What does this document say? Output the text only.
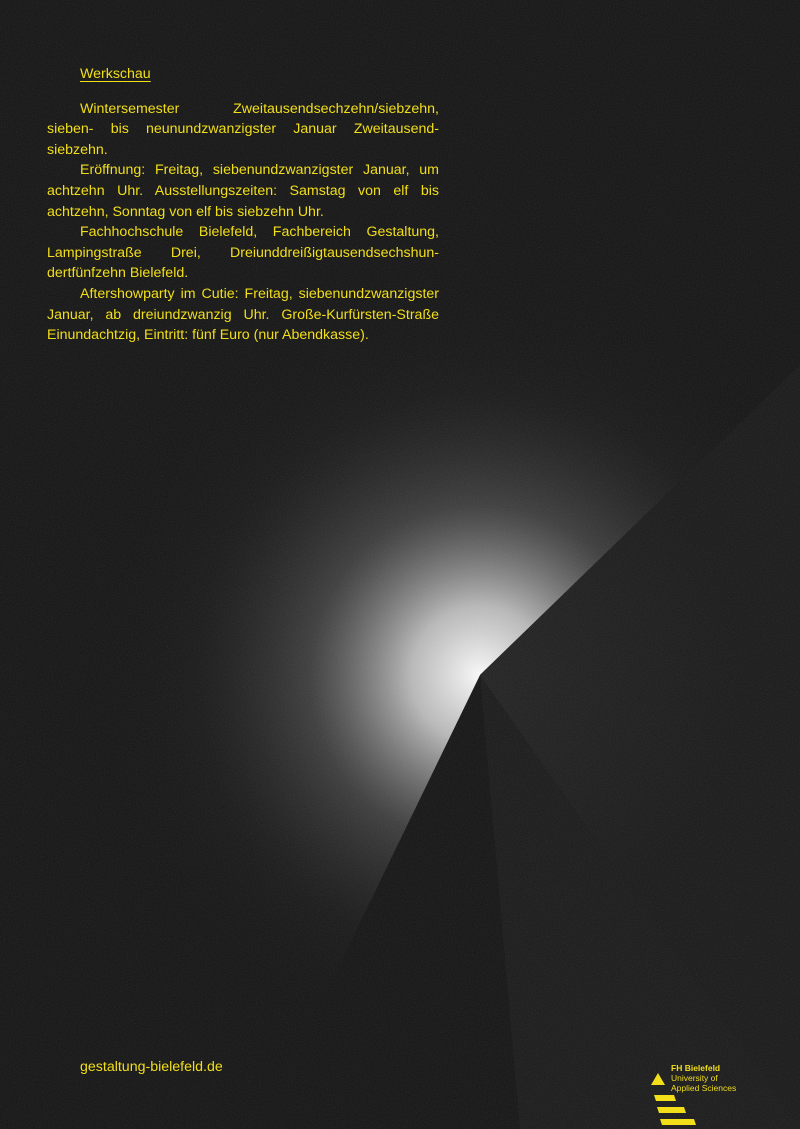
Werkschau

Wintersemester Zweitausendsechzehn/siebzehn, sieben- bis neunundzwanzigster Januar Zweitausendsiebzehn.

Eröffnung: Freitag, siebenundzwanzigster Januar, um achtzehn Uhr. Ausstellungszeiten: Samstag von elf bis achtzehn, Sonntag von elf bis siebzehn Uhr.

Fachhochschule Bielefeld, Fachbereich Gestaltung, Lampingstraße Drei, Dreiunddreißigtausendsechshundertfünfzehn Bielefeld.

Aftershowparty im Cutie: Freitag, siebenundzwanzigster Januar, ab dreiundzwanzig Uhr. Große-Kurfürsten-Straße Einundachtzig, Eintritt: fünf Euro (nur Abendkasse).

gestaltung-bielefeld.de	FH Bielefeld
University of
Applied Sciences
